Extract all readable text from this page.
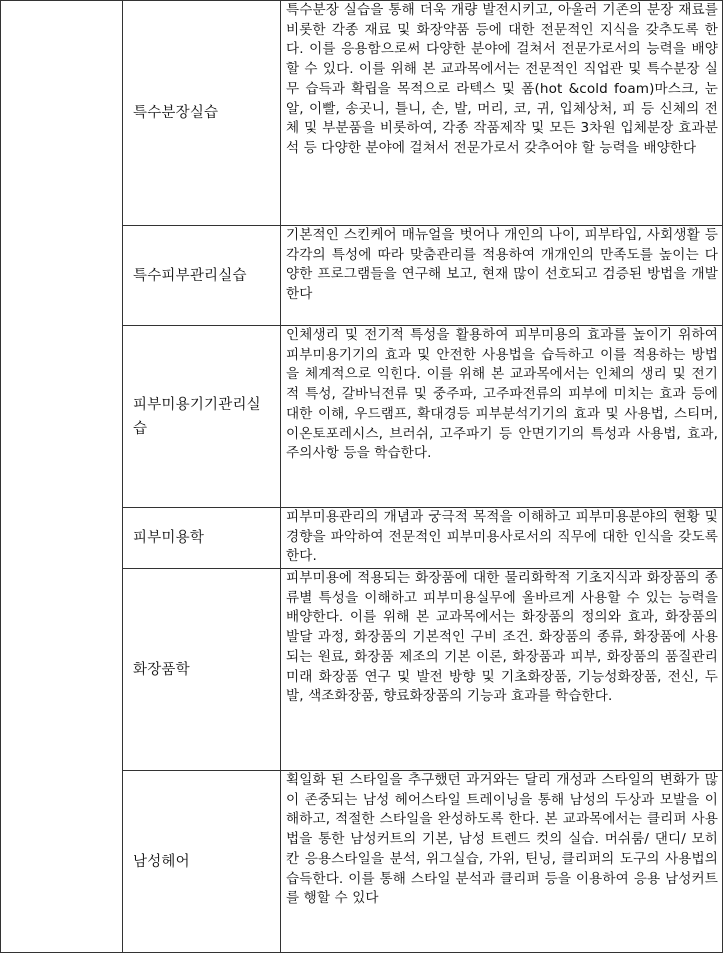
	특수분장실습	특수분장 실습을 통해 더욱 개량 발전시키고, 아울러 기존의 분장 재료를 비롯한 각종 재료 및 화장약품 등에 대한 전문적인 지식을 갖추도록 한다. 이를 응용함으로써 다양한 분야에 걸쳐서 전문가로서의 능력을 배양할 수 있다. 이를 위해 본 교과목에서는 전문적인 직업관 및 특수분장 실무 습득과 확립을 목적으로 라텍스 및 폼(hot &cold foam)마스크, 눈알, 이빨, 송곳니, 틀니, 손, 발, 머리, 코, 귀, 입체상처, 피 등 신체의 전체 및 부분품을 비롯하여, 각종 작품제작 및 모든 3차원 입체분장 효과분석 등 다양한 분야에 걸쳐서 전문가로서 갖추어야 할 능력을 배양한다

	특수피부관리실습	기본적인 스킨케어 매뉴얼을 벗어나 개인의 나이, 피부타입, 사회생활 등 각각의 특성에 따라 맞춤관리를 적용하여 개개인의 만족도를 높이는 다양한 프로그램들을 연구해 보고, 현재 많이 선호되고 검증된 방법을 개발한다

	피부미용기기관리실습	인체생리 및 전기적 특성을 활용하여 피부미용의 효과를 높이기 위하여 피부미용기기의 효과 및 안전한 사용법을 습득하고 이를 적용하는 방법을 체계적으로 익힌다. 이를 위해 본 교과목에서는 인체의 생리 및 전기적 특성, 갈바닉전류 및 중주파, 고주파전류의 피부에 미치는 효과 등에 대한 이해, 우드램프, 확대경등 피부분석기기의 효과 및 사용법, 스티머, 이온토포레시스, 브러쉬, 고주파기 등 안면기기의 특성과 사용법, 효과, 주의사항 등을 학습한다.

	피부미용학	피부미용관리의 개념과 궁극적 목적을 이해하고 피부미용분야의 현황 및 경향을 파악하여 전문적인 피부미용사로서의 직무에 대한 인식을 갖도록 한다.

	화장품학	피부미용에 적용되는 화장품에 대한 물리화학적 기초지식과 화장품의 종류별 특성을 이해하고 피부미용실무에 올바르게 사용할 수 있는 능력을 배양한다. 이를 위해 본 교과목에서는 화장품의 정의와 효과, 화장품의 발달 과정, 화장품의 기본적인 구비 조건. 화장품의 종류, 화장품에 사용되는 원료, 화장품 제조의 기본 이론, 화장품과 피부, 화장품의 품질관리 미래 화장품 연구 및 발전 방향 및 기초화장품, 기능성화장품, 전신, 두발, 색조화장품, 향료화장품의 기능과 효과를 학습한다.

	남성헤어	획일화 된 스타일을 추구했던 과거와는 달리 개성과 스타일의 변화가 많이 존중되는 남성 헤어스타일 트레이닝을 통해 남성의 두상과 모발을 이해하고, 적절한 스타일을 완성하도록 한다. 본 교과목에서는 클리퍼 사용법을 통한 남성커트의 기본, 남성 트렌드 컷의 실습. 머쉬룸/ 댄디/ 모히칸 응용스타일을 분석, 위그실습, 가위, 틴닝, 클리퍼의 도구의 사용법의 습득한다. 이를 통해 스타일 분석과 클리퍼 등을 이용하여 응용 남성커트를 행할 수 있다
